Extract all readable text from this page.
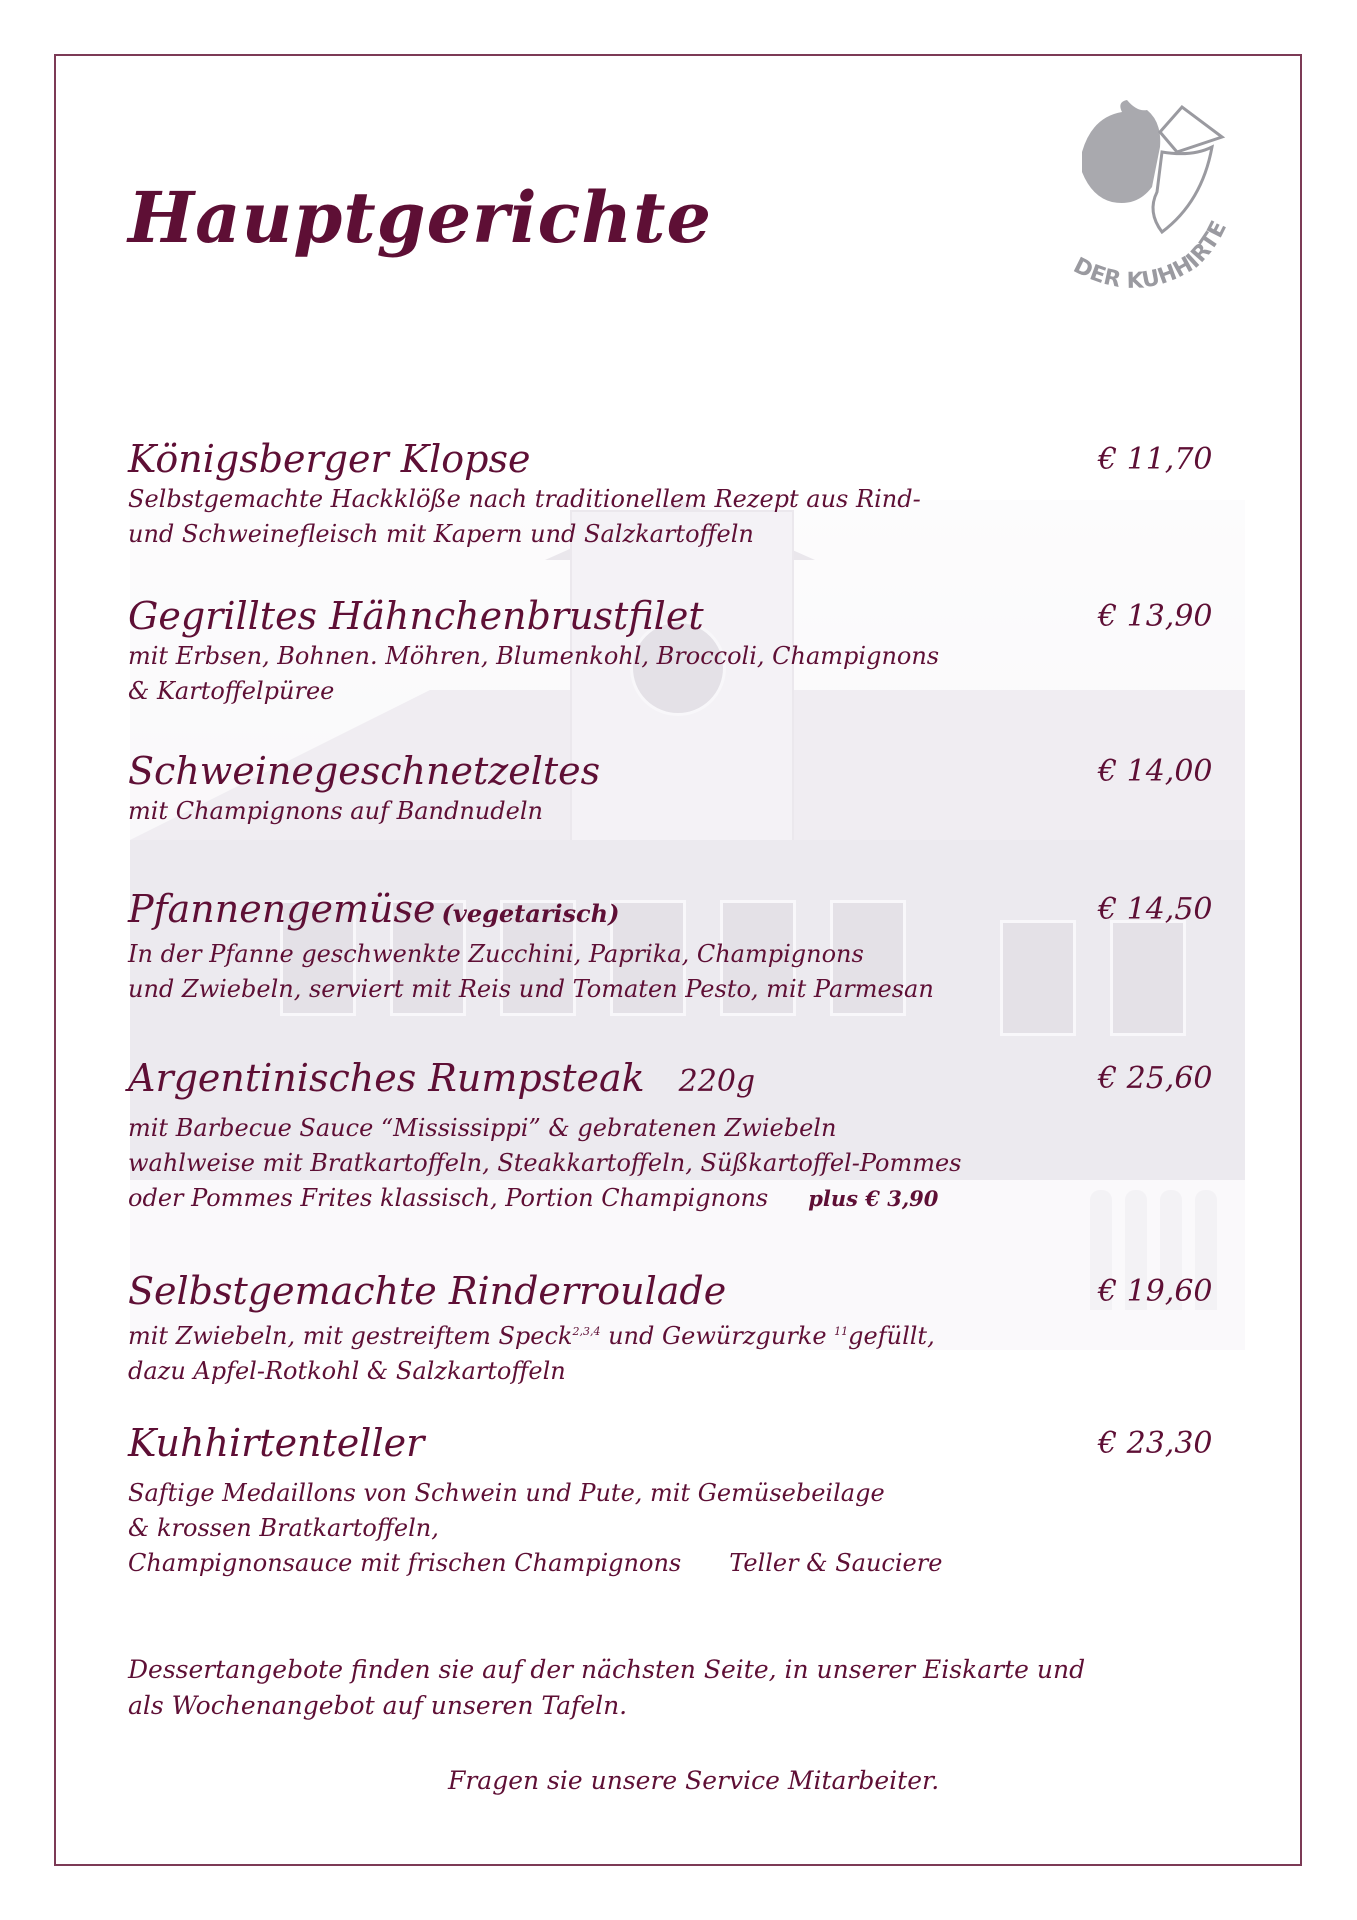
DER KUHHIRTE
Hauptgerichte
Königsberger Klopse	€ 11,70
Selbstgemachte Hackklöße nach traditionellem Rezept aus Rind-
und Schweinefleisch mit Kapern und Salzkartoffeln
Gegrilltes Hähnchenbrustfilet	€ 13,90
mit Erbsen, Bohnen. Möhren, Blumenkohl, Broccoli, Champignons
& Kartoffelpüree
Schweinegeschnetzeltes	€ 14,00
mit Champignons auf Bandnudeln
Pfannengemüse (vegetarisch)	€ 14,50
In der Pfanne geschwenkte Zucchini, Paprika, Champignons
und Zwiebeln, serviert mit Reis und Tomaten Pesto, mit Parmesan
Argentinisches Rumpsteak 220g	€ 25,60
mit Barbecue Sauce “Mississippi” & gebratenen Zwiebeln
wahlweise mit Bratkartoffeln, Steakkartoffeln, Süßkartoffel-Pommes
oder Pommes Frites klassisch, Portion Champignons plus € 3,90
Selbstgemachte Rinderroulade	€ 19,60
mit Zwiebeln, mit gestreiftem Speck$^{2,3,4}$ und Gewürzgurke $^{11}$gefüllt,
dazu Apfel-Rotkohl & Salzkartoffeln
Kuhhirtenteller	€ 23,30
Saftige Medaillons von Schwein und Pute, mit Gemüsebeilage
& krossen Bratkartoffeln,
Champignonsauce mit frischen Champignons Teller & Sauciere
Dessertangebote finden sie auf der nächsten Seite, in unserer Eiskarte und
als Wochenangebot auf unseren Tafeln.
Fragen sie unsere Service Mitarbeiter.
